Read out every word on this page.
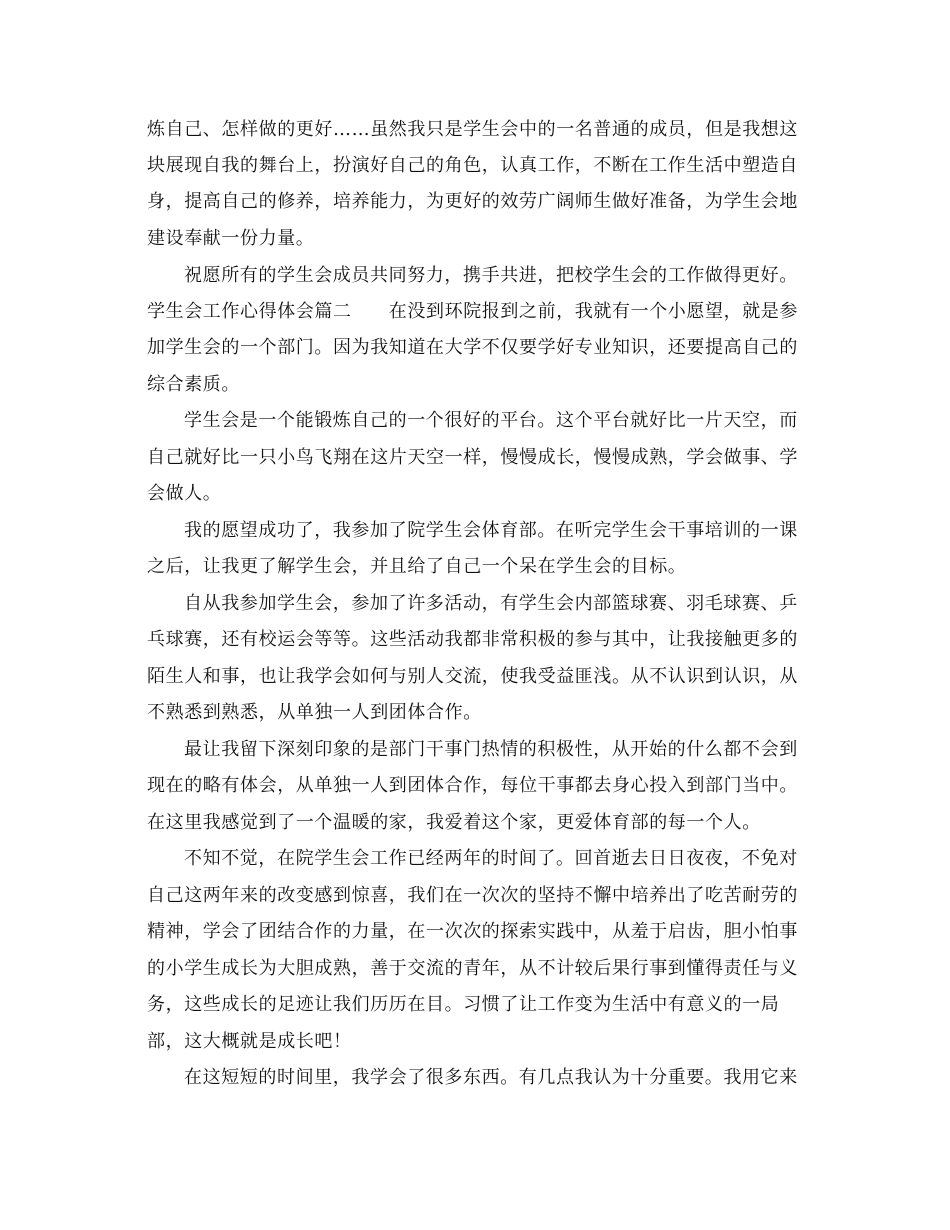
炼自己、怎样做的更好……虽然我只是学生会中的一名普通的成员，但是我想这
块展现自我的舞台上，扮演好自己的角色，认真工作，不断在工作生活中塑造自
身，提高自己的修养，培养能力，为更好的效劳广阔师生做好准备，为学生会地
建设奉献一份力量。
祝愿所有的学生会成员共同努力，携手共进，把校学生会的工作做得更好。
学生会工作心得体会篇二　　在没到环院报到之前，我就有一个小愿望，就是参
加学生会的一个部门。因为我知道在大学不仅要学好专业知识，还要提高自己的
综合素质。
学生会是一个能锻炼自己的一个很好的平台。这个平台就好比一片天空，而
自己就好比一只小鸟飞翔在这片天空一样，慢慢成长，慢慢成熟，学会做事、学
会做人。
我的愿望成功了，我参加了院学生会体育部。在听完学生会干事培训的一课
之后，让我更了解学生会，并且给了自己一个呆在学生会的目标。
自从我参加学生会，参加了许多活动，有学生会内部篮球赛、羽毛球赛、乒
乓球赛，还有校运会等等。这些活动我都非常积极的参与其中，让我接触更多的
陌生人和事，也让我学会如何与别人交流，使我受益匪浅。从不认识到认识，从
不熟悉到熟悉，从单独一人到团体合作。
最让我留下深刻印象的是部门干事门热情的积极性，从开始的什么都不会到
现在的略有体会，从单独一人到团体合作，每位干事都去身心投入到部门当中。
在这里我感觉到了一个温暖的家，我爱着这个家，更爱体育部的每一个人。
不知不觉，在院学生会工作已经两年的时间了。回首逝去日日夜夜，不免对
自己这两年来的改变感到惊喜，我们在一次次的坚持不懈中培养出了吃苦耐劳的
精神，学会了团结合作的力量，在一次次的探索实践中，从羞于启齿，胆小怕事
的小学生成长为大胆成熟，善于交流的青年，从不计较后果行事到懂得责任与义
务，这些成长的足迹让我们历历在目。习惯了让工作变为生活中有意义的一局
部，这大概就是成长吧！
在这短短的时间里，我学会了很多东西。有几点我认为十分重要。我用它来
